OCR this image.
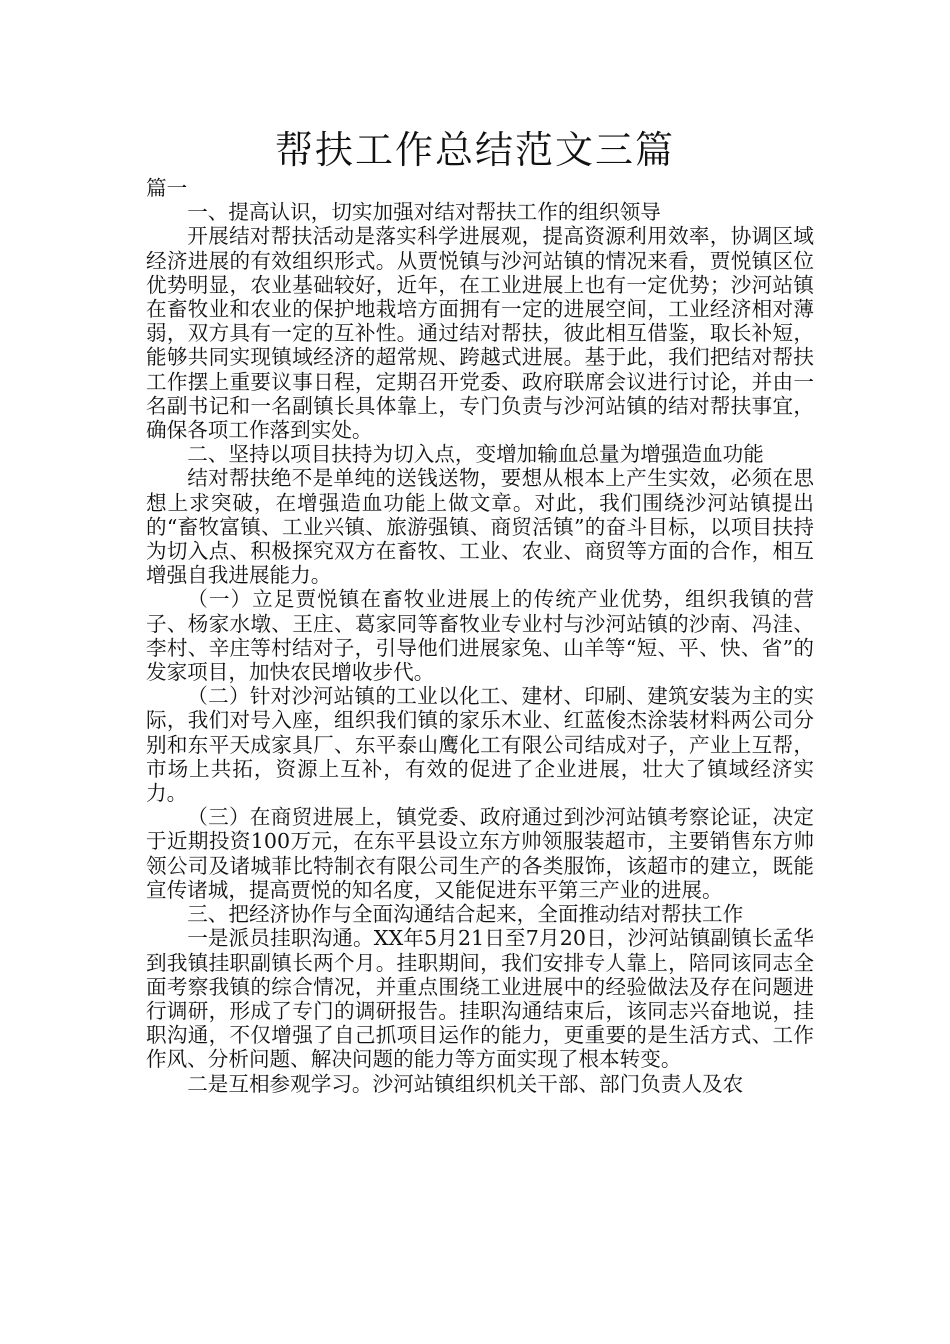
帮扶工作总结范文三篇

篇一

一、提高认识，切实加强对结对帮扶工作的组织领导

开展结对帮扶活动是落实科学进展观，提高资源利用效率，协调区域经济进展的有效组织形式。从贾悦镇与沙河站镇的情况来看，贾悦镇区位优势明显，农业基础较好，近年，在工业进展上也有一定优势；沙河站镇在畜牧业和农业的保护地栽培方面拥有一定的进展空间，工业经济相对薄弱，双方具有一定的互补性。通过结对帮扶，彼此相互借鉴，取长补短，能够共同实现镇域经济的超常规、跨越式进展。基于此，我们把结对帮扶工作摆上重要议事日程，定期召开党委、政府联席会议进行讨论，并由一名副书记和一名副镇长具体靠上，专门负责与沙河站镇的结对帮扶事宜，确保各项工作落到实处。

二、坚持以项目扶持为切入点，变增加输血总量为增强造血功能

结对帮扶绝不是单纯的送钱送物，要想从根本上产生实效，必须在思想上求突破，在增强造血功能上做文章。对此，我们围绕沙河站镇提出的“畜牧富镇、工业兴镇、旅游强镇、商贸活镇”的奋斗目标，以项目扶持为切入点、积极探究双方在畜牧、工业、农业、商贸等方面的合作，相互增强自我进展能力。

（一）立足贾悦镇在畜牧业进展上的传统产业优势，组织我镇的营子、杨家水墩、王庄、葛家同等畜牧业专业村与沙河站镇的沙南、冯洼、李村、辛庄等村结对子，引导他们进展家兔、山羊等“短、平、快、省”的发家项目，加快农民增收步代。

（二）针对沙河站镇的工业以化工、建材、印刷、建筑安装为主的实际，我们对号入座，组织我们镇的家乐木业、红蓝俊杰涂装材料两公司分别和东平天成家具厂、东平泰山鹰化工有限公司结成对子，产业上互帮，市场上共拓，资源上互补，有效的促进了企业进展，壮大了镇域经济实力。

（三）在商贸进展上，镇党委、政府通过到沙河站镇考察论证，决定于近期投资100万元，在东平县设立东方帅领服装超市，主要销售东方帅领公司及诸城菲比特制衣有限公司生产的各类服饰，该超市的建立，既能宣传诸城，提高贾悦的知名度，又能促进东平第三产业的进展。

三、把经济协作与全面沟通结合起来，全面推动结对帮扶工作

一是派员挂职沟通。XX年5月21日至7月20日，沙河站镇副镇长孟华到我镇挂职副镇长两个月。挂职期间，我们安排专人靠上，陪同该同志全面考察我镇的综合情况，并重点围绕工业进展中的经验做法及存在问题进行调研，形成了专门的调研报告。挂职沟通结束后，该同志兴奋地说，挂职沟通，不仅增强了自己抓项目运作的能力，更重要的是生活方式、工作作风、分析问题、解决问题的能力等方面实现了根本转变。

二是互相参观学习。沙河站镇组织机关干部、部门负责人及农
